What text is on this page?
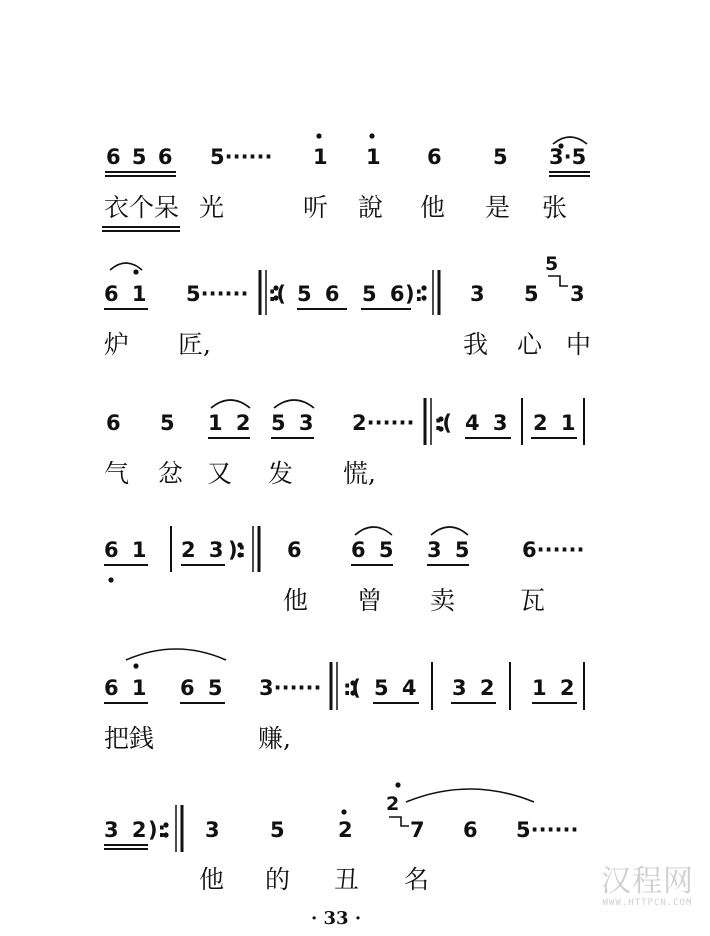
6 5 6 5······ 1 1 6 5 3·5
衣个呆 光	听 說 他 是 张
6 1 5······ :( 5 6 5 6
): 3 5
5
3
炉 匠,	我 心 中
6 5 1 2 5 3 2······ :( 4 3 2 1
气 忿 又 发 慌,
6 1 2 3 ): 6 6 5 3 5 6······
他 曾 卖	瓦
6 1 6 5 3······ :( 5 4 3 2 1 2
把銭	赚,
3 2
): 3 5	2
2
7 6 5······
他 的 丑 名
· 33 ·
汉程网
WWW.HTTPCN.COM
